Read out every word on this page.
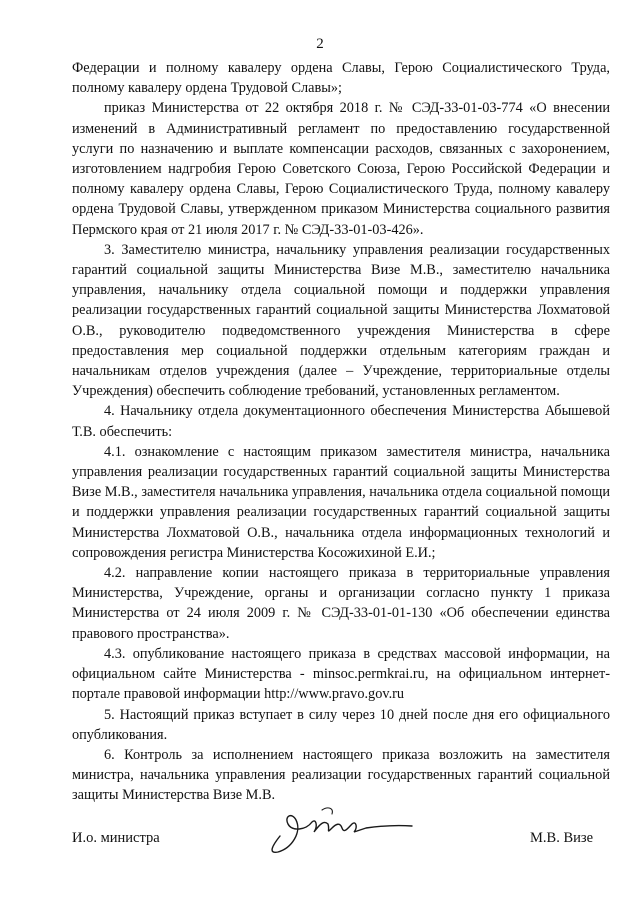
2

Федерации и полному кавалеру ордена Славы, Герою Социалистического Труда, полному кавалеру ордена Трудовой Славы»;

приказ Министерства от 22 октября 2018 г. № СЭД-33-01-03-774 «О внесении изменений в Административный регламент по предоставлению государственной услуги по назначению и выплате компенсации расходов, связанных с захоронением, изготовлением надгробия Герою Советского Союза, Герою Российской Федерации и полному кавалеру ордена Славы, Герою Социалистического Труда, полному кавалеру ордена Трудовой Славы, утвержденном приказом Министерства социального развития Пермского края от 21 июля 2017 г. № СЭД-33-01-03-426».

3. Заместителю министра, начальнику управления реализации государственных гарантий социальной защиты Министерства Визе М.В., заместителю начальника управления, начальнику отдела социальной помощи и поддержки управления реализации государственных гарантий социальной защиты Министерства Лохматовой О.В., руководителю подведомственного учреждения Министерства в сфере предоставления мер социальной поддержки отдельным категориям граждан и начальникам отделов учреждения (далее – Учреждение, территориальные отделы Учреждения) обеспечить соблюдение требований, установленных регламентом.

4. Начальнику отдела документационного обеспечения Министерства Абышевой Т.В. обеспечить:

4.1. ознакомление с настоящим приказом заместителя министра, начальника управления реализации государственных гарантий социальной защиты Министерства Визе М.В., заместителя начальника управления, начальника отдела социальной помощи и поддержки управления реализации государственных гарантий социальной защиты Министерства Лохматовой О.В., начальника отдела информационных технологий и сопровождения регистра Министерства Косожихиной Е.И.;

4.2. направление копии настоящего приказа в территориальные управления Министерства, Учреждение, органы и организации согласно пункту 1 приказа Министерства от 24 июля 2009 г. № СЭД-33-01-01-130 «Об обеспечении единства правового пространства».

4.3. опубликование настоящего приказа в средствах массовой информации, на официальном сайте Министерства - minsoc.permkrai.ru, на официальном интернет-портале правовой информации http://www.pravo.gov.ru

5. Настоящий приказ вступает в силу через 10 дней после дня его официального опубликования.

6. Контроль за исполнением настоящего приказа возложить на заместителя министра, начальника управления реализации государственных гарантий социальной защиты Министерства Визе М.В.

И.о. министра	М.В. Визе
